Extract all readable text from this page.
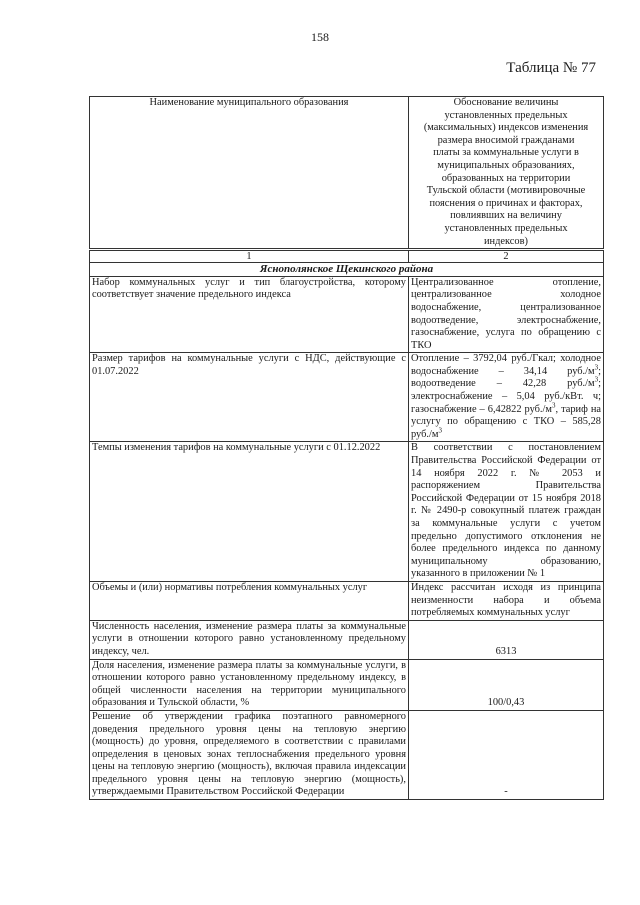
158
Таблица № 77
Наименование муниципального образования	Обоснование величины установленных предельных (максимальных) индексов изменения размера вносимой гражданами платы за коммунальные услуги в муниципальных образованиях, образованных на территории Тульской области (мотивировочные пояснения о причинах и факторах, повлиявших на величину установленных предельных индексов)
1	2
Яснополянское Щекинского района	
Набор коммунальных услуг и тип благоустройства, которому соответствует значение предельного индекса	Централизованное отопление, централизованное холодное водоснабжение, централизованное водоотведение, электроснабжение, газоснабжение, услуга по обращению с ТКО
Размер тарифов на коммунальные услуги с НДС, действующие с 01.07.2022	Отопление – 3792,04 руб./Гкал; холодное водоснабжение – 34,14 $руб./м^3$; водоотведение – 42,28 $руб./м^3$; электроснабжение – 5,04 руб./кВт. ч; газоснабжение – 6,42822 $руб./м^3$, тариф на услугу по обращению с ТКО – 585,28 $руб./м^3$
Темпы изменения тарифов на коммунальные услуги с 01.12.2022	В соответствии с постановлением Правительства Российской Федерации от 14 ноября 2022 г. № 2053 и распоряжением Правительства Российской Федерации от 15 ноября 2018 г. № 2490-р совокупный платеж граждан за коммунальные услуги с учетом предельно допустимого отклонения не более предельного индекса по данному муниципальному образованию, указанного в приложении № 1
Объемы и (или) нормативы потребления коммунальных услуг	Индекс рассчитан исходя из принципа неизменности набора и объема потребляемых коммунальных услуг
Численность населения, изменение размера платы за коммунальные услуги в отношении которого равно установленному предельному индексу, чел.	6313
Доля населения, изменение размера платы за коммунальные услуги, в отношении которого равно установленному предельному индексу, в общей численности населения на территории муниципального образования и Тульской области, %	100/0,43
Решение об утверждении графика поэтапного равномерного доведения предельного уровня цены на тепловую энергию (мощность) до уровня, определяемого в соответствии с правилами определения в ценовых зонах теплоснабжения предельного уровня цены на тепловую энергию (мощность), включая правила индексации предельного уровня цены на тепловую энергию (мощность), утверждаемыми Правительством Российской Федерации	-
